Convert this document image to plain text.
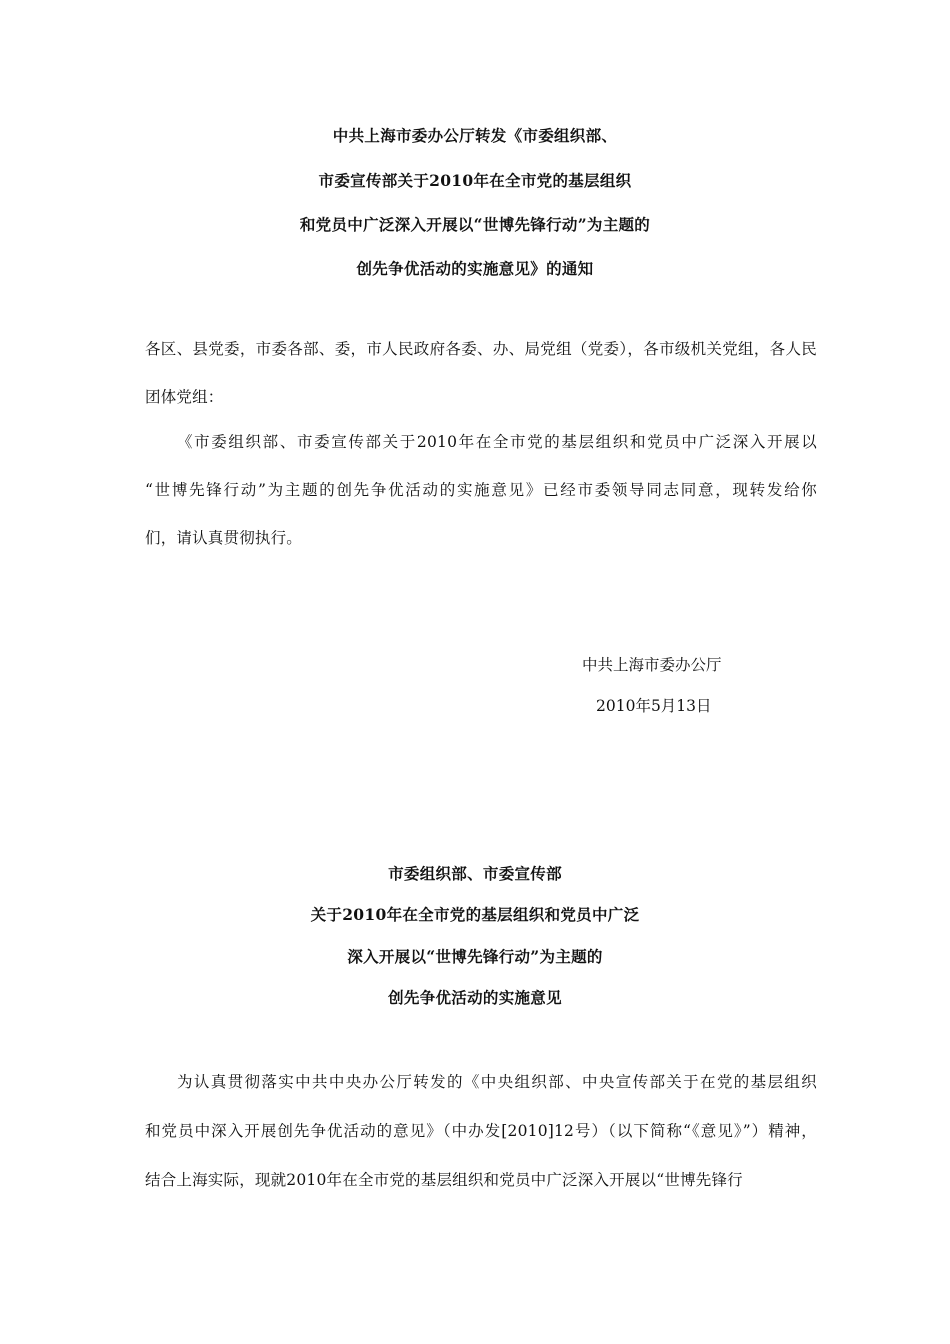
中共上海市委办公厅转发《市委组织部、
市委宣传部关于2010年在全市党的基层组织
和党员中广泛深入开展以“世博先锋行动”为主题的
创先争优活动的实施意见》的通知
各区、县党委，市委各部、委，市人民政府各委、办、局党组（党委），各市级机关党组，各人民
团体党组：
《市委组织部、市委宣传部关于2010年在全市党的基层组织和党员中广泛深入开展以
“世博先锋行动”为主题的创先争优活动的实施意见》已经市委领导同志同意，现转发给你
们，请认真贯彻执行。
中共上海市委办公厅
2010年5月13日
市委组织部、市委宣传部
关于2010年在全市党的基层组织和党员中广泛
深入开展以“世博先锋行动”为主题的
创先争优活动的实施意见
为认真贯彻落实中共中央办公厅转发的《中央组织部、中央宣传部关于在党的基层组织
和党员中深入开展创先争优活动的意见》（中办发[2010]12号）（以下简称“《意见》”）精神，
结合上海实际，现就2010年在全市党的基层组织和党员中广泛深入开展以“世博先锋行
